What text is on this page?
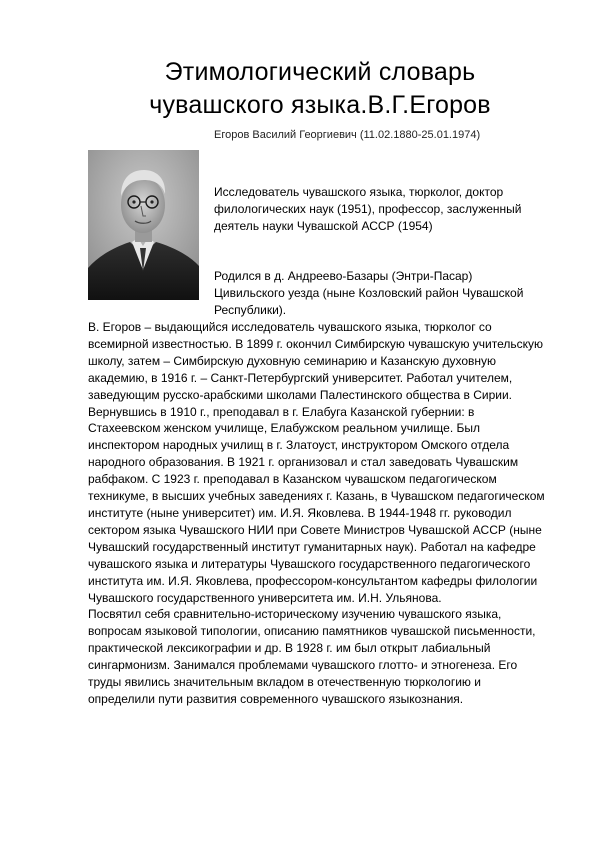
Этимологический словарь
чувашского языка.В.Г.Егоров
Егоров Василий Георгиевич (11.02.1880-25.01.1974)
Исследователь чувашского языка, тюрколог, доктор филологических наук (1951), профессор, заслуженный деятель науки Чувашской АССР (1954)
Родился в д. Андреево-Базары (Энтри-Пасар) Цивильского уезда (ныне Козловский район Чувашской Республики).

В. Егоров – выдающийся исследователь чувашского языка, тюрколог со всемирной известностью. В 1899 г. окончил Симбирскую чувашскую учительскую школу, затем – Симбирскую духовную семинарию и Казанскую духовную академию, в 1916 г. – Санкт-Петербургский университет. Работал учителем, заведующим русско-арабскими школами Палестинского общества в Сирии. Вернувшись в 1910 г., преподавал в г. Елабуга Казанской губернии: в Стахеевском женском училище, Елабужском реальном училище. Был инспектором народных училищ в г. Златоуст, инструктором Омского отдела народного образования. В 1921 г. организовал и стал заведовать Чувашским рабфаком. С 1923 г. преподавал в Казанском чувашском педагогическом техникуме, в высших учебных заведениях г. Казань, в Чувашском педагогическом институте (ныне университет) им. И.Я. Яковлева. В 1944-1948 гг. руководил сектором языка Чувашского НИИ при Совете Министров Чувашской АССР (ныне Чувашский государственный институт гуманитарных наук). Работал на кафедре чувашского языка и литературы Чувашского государственного педагогического института им. И.Я. Яковлева, профессором-консультантом кафедры филологии Чувашского государственного университета им. И.Н. Ульянова.

Посвятил себя сравнительно-историческому изучению чувашского языка, вопросам языковой типологии, описанию памятников чувашской письменности, практической лексикографии и др. В 1928 г. им был открыт лабиальный сингармонизм. Занимался проблемами чувашского глотто- и этногенеза. Его труды явились значительным вкладом в отечественную тюркологию и определили пути развития современного чувашского языкознания.
